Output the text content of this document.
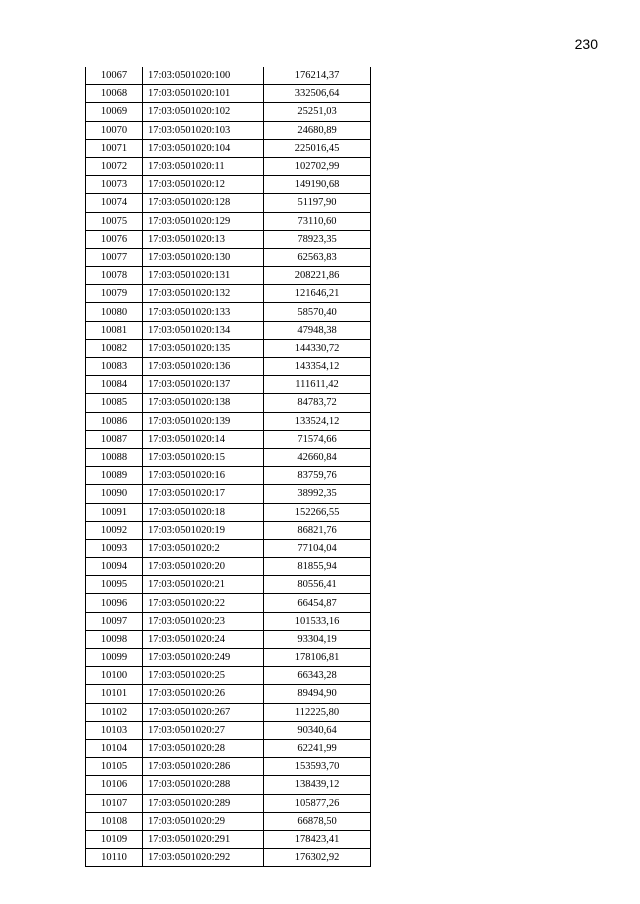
230
10067	17:03:0501020:100	176214,37
10068	17:03:0501020:101	332506,64
10069	17:03:0501020:102	25251,03
10070	17:03:0501020:103	24680,89
10071	17:03:0501020:104	225016,45
10072	17:03:0501020:11	102702,99
10073	17:03:0501020:12	149190,68
10074	17:03:0501020:128	51197,90
10075	17:03:0501020:129	73110,60
10076	17:03:0501020:13	78923,35
10077	17:03:0501020:130	62563,83
10078	17:03:0501020:131	208221,86
10079	17:03:0501020:132	121646,21
10080	17:03:0501020:133	58570,40
10081	17:03:0501020:134	47948,38
10082	17:03:0501020:135	144330,72
10083	17:03:0501020:136	143354,12
10084	17:03:0501020:137	111611,42
10085	17:03:0501020:138	84783,72
10086	17:03:0501020:139	133524,12
10087	17:03:0501020:14	71574,66
10088	17:03:0501020:15	42660,84
10089	17:03:0501020:16	83759,76
10090	17:03:0501020:17	38992,35
10091	17:03:0501020:18	152266,55
10092	17:03:0501020:19	86821,76
10093	17:03:0501020:2	77104,04
10094	17:03:0501020:20	81855,94
10095	17:03:0501020:21	80556,41
10096	17:03:0501020:22	66454,87
10097	17:03:0501020:23	101533,16
10098	17:03:0501020:24	93304,19
10099	17:03:0501020:249	178106,81
10100	17:03:0501020:25	66343,28
10101	17:03:0501020:26	89494,90
10102	17:03:0501020:267	112225,80
10103	17:03:0501020:27	90340,64
10104	17:03:0501020:28	62241,99
10105	17:03:0501020:286	153593,70
10106	17:03:0501020:288	138439,12
10107	17:03:0501020:289	105877,26
10108	17:03:0501020:29	66878,50
10109	17:03:0501020:291	178423,41
10110	17:03:0501020:292	176302,92
